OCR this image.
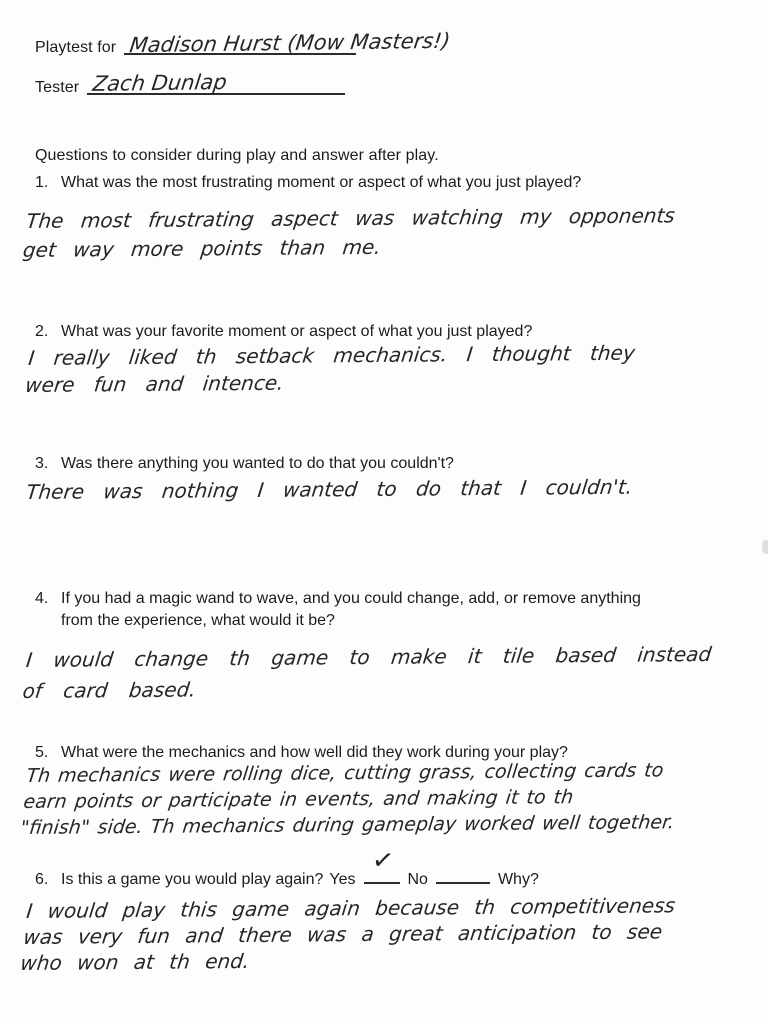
Playtest for Madison Hurst (Mow Masters!)
Tester Zach Dunlap
Questions to consider during play and answer after play.
1. What was the most frustrating moment or aspect of what you just played?
The most frustrating aspect was watching my opponents
get way more points than me.
2. What was your favorite moment or aspect of what you just played?
I really liked th setback mechanics. I thought they
were fun and intence.
3. Was there anything you wanted to do that you couldn't?
There was nothing I wanted to do that I couldn't.
4. If you had a magic wand to wave, and you could change, add, or remove anything from the experience, what would it be?
I would change th game to make it tile based instead
of card based.
5. What were the mechanics and how well did they work during your play?
Th mechanics were rolling dice, cutting grass, collecting cards to
earn points or participate in events, and making it to th
"finish" side. Th mechanics during gameplay worked well together.
6. Is this a game you would play again? Yes
✓
No	Why?
I would play this game again because th competitiveness
was very fun and there was a great anticipation to see
who won at th end.
